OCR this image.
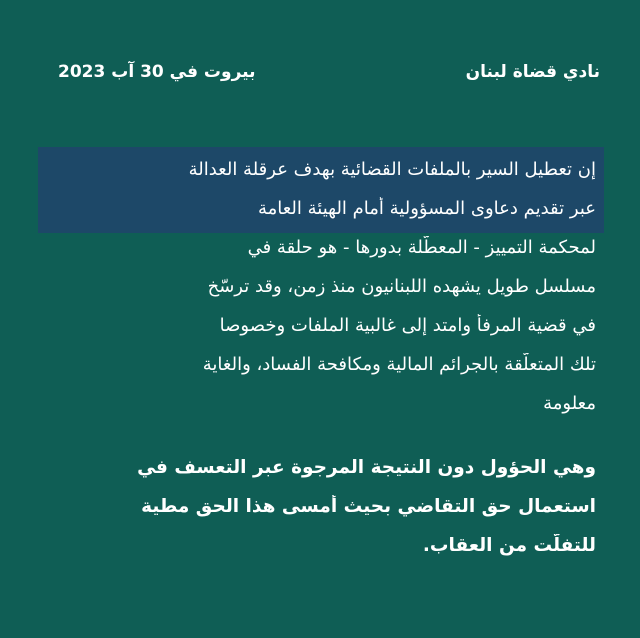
نادي قضاة لبنان
بيروت في 30 آب 2023
إن تعطيل السير بالملفات القضائية بهدف عرقلة العدالة
عبر تقديم دعاوى المسؤولية أمام الهيئة العامة
لمحكمة التمييز - المعطّلة بدورها - هو حلقة في
مسلسل طويل يشهده اللبنانيون منذ زمن، وقد ترسّخ
في قضية المرفأ وامتد إلى غالبية الملفات وخصوصا
تلك المتعلّقة بالجرائم المالية ومكافحة الفساد، والغاية
معلومة
وهي الحؤول دون النتيجة المرجوة عبر التعسف في
استعمال حق التقاضي بحيث أمسى هذا الحق مطية
للتفلّت من العقاب.
